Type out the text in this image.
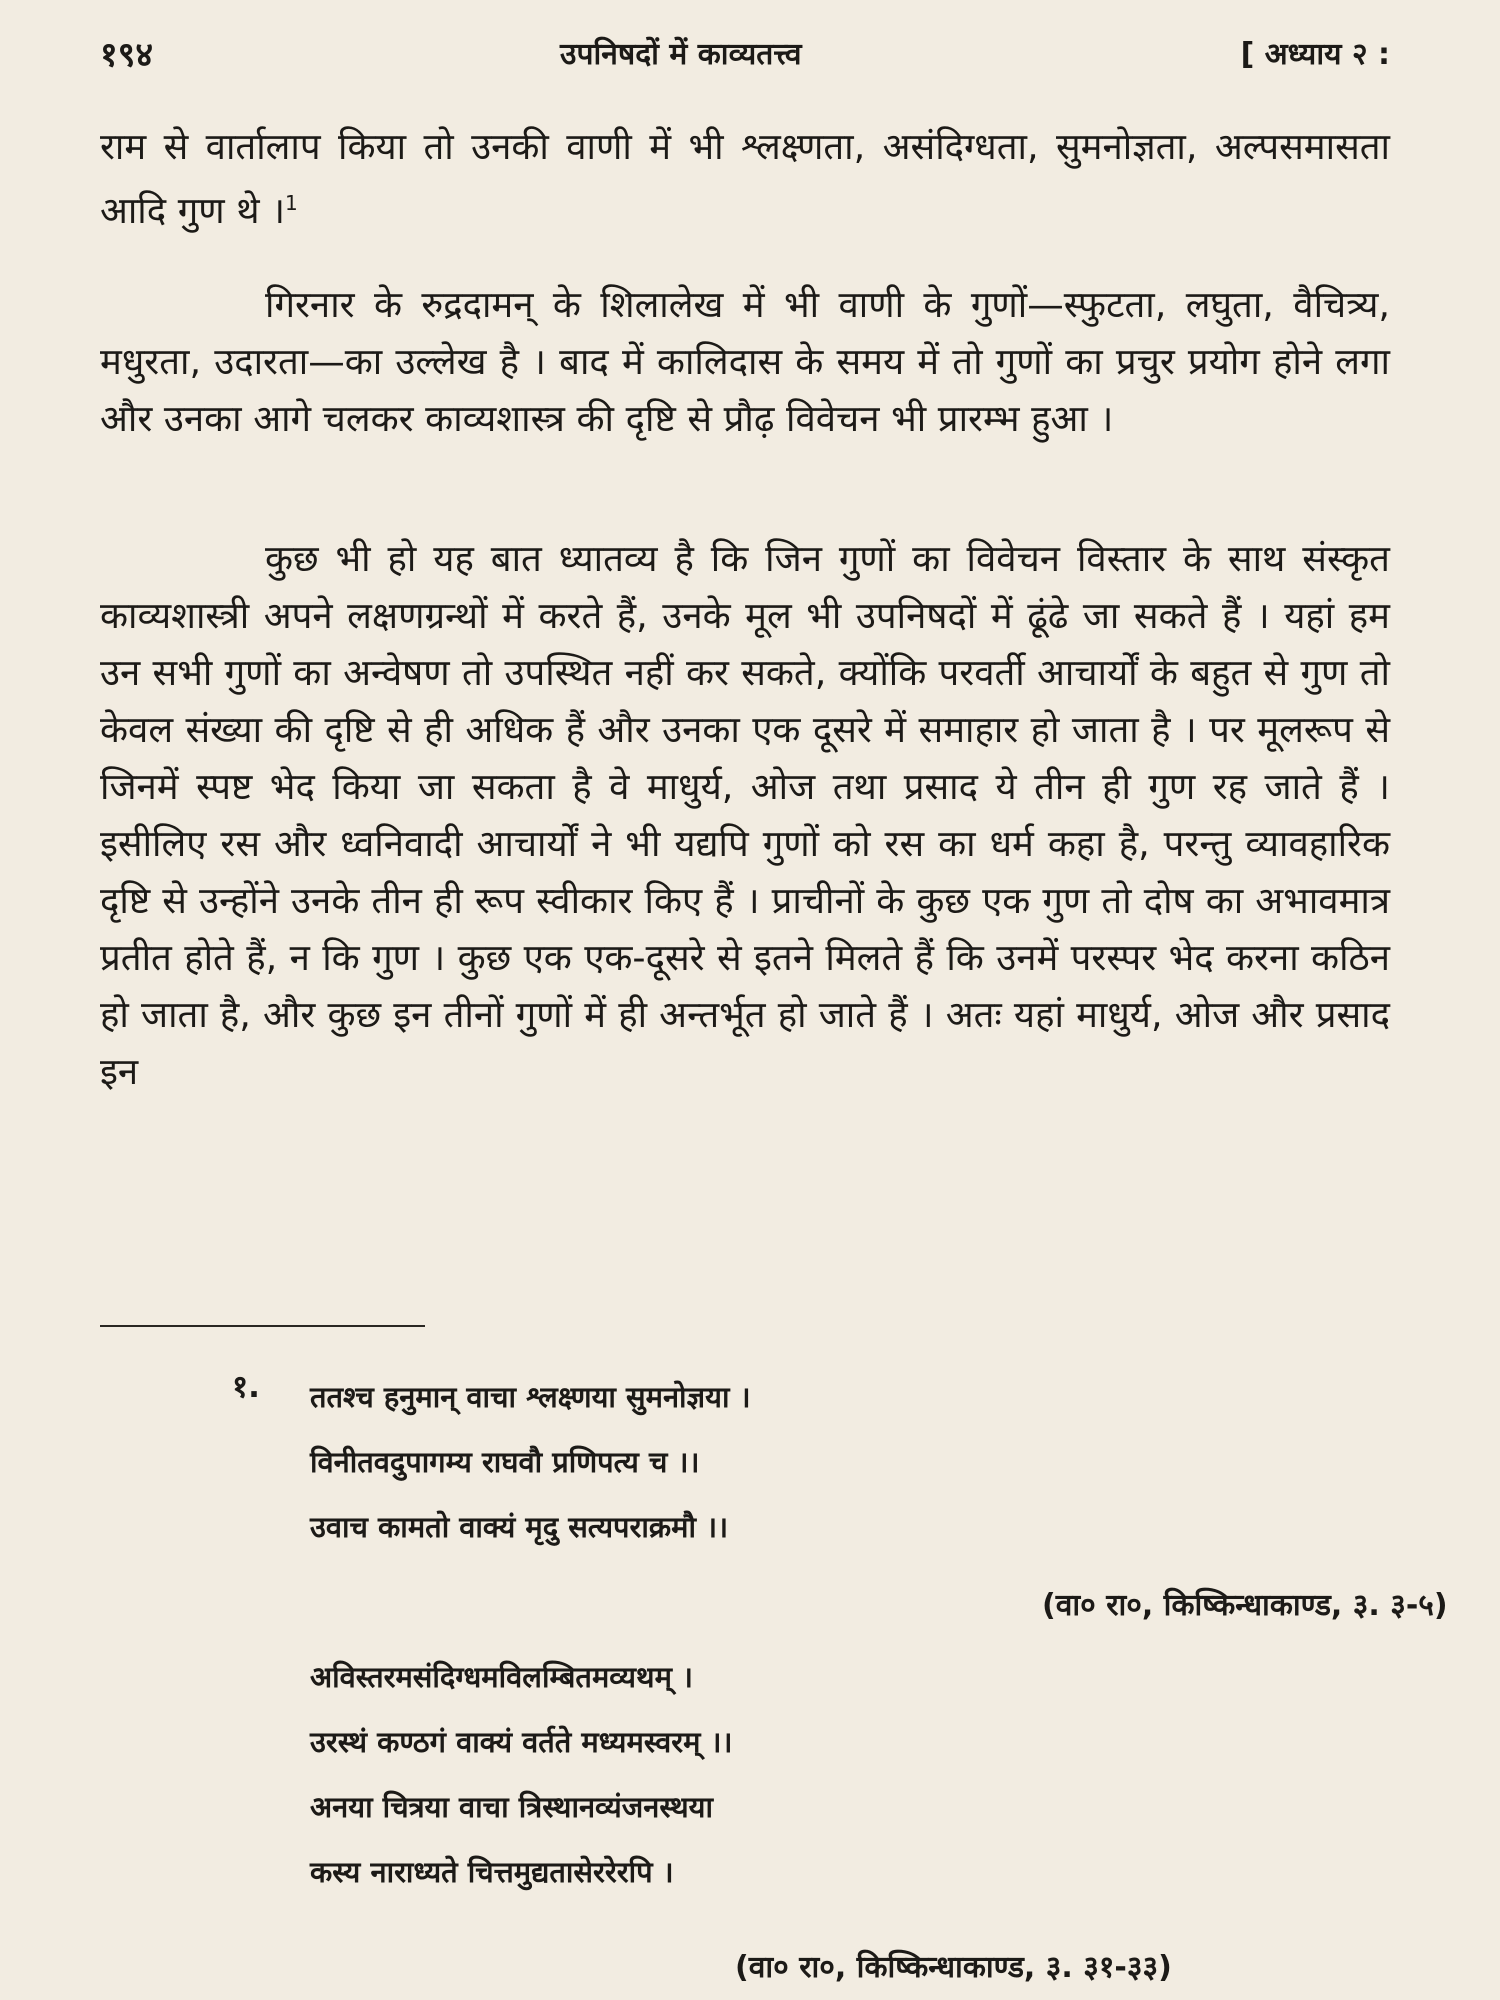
१९४	उपनिषदों में काव्यतत्त्व	[ अध्याय २ :

राम से वार्तालाप किया तो उनकी वाणी में भी श्लक्ष्णता, असंदिग्धता, सुमनोज्ञता, अल्पसमासता आदि गुण थे ।$^1$

गिरनार के रुद्रदामन् के शिलालेख में भी वाणी के गुणों—स्फुटता, लघुता, वैचित्र्य, मधुरता, उदारता—का उल्लेख है । बाद में कालिदास के समय में तो गुणों का प्रचुर प्रयोग होने लगा और उनका आगे चलकर काव्यशास्त्र की दृष्टि से प्रौढ़ विवेचन भी प्रारम्भ हुआ ।

कुछ भी हो यह बात ध्यातव्य है कि जिन गुणों का विवेचन विस्तार के साथ संस्कृत काव्यशास्त्री अपने लक्षणग्रन्थों में करते हैं, उनके मूल भी उपनिषदों में ढूंढे जा सकते हैं । यहां हम उन सभी गुणों का अन्वेषण तो उपस्थित नहीं कर सकते, क्योंकि परवर्ती आचार्यों के बहुत से गुण तो केवल संख्या की दृष्टि से ही अधिक हैं और उनका एक दूसरे में समाहार हो जाता है । पर मूलरूप से जिनमें स्पष्ट भेद किया जा सकता है वे माधुर्य, ओज तथा प्रसाद ये तीन ही गुण रह जाते हैं । इसीलिए रस और ध्वनिवादी आचार्यों ने भी यद्यपि गुणों को रस का धर्म कहा है, परन्तु व्यावहारिक दृष्टि से उन्होंने उनके तीन ही रूप स्वीकार किए हैं । प्राचीनों के कुछ एक गुण तो दोष का अभावमात्र प्रतीत होते हैं, न कि गुण । कुछ एक एक-दूसरे से इतने मिलते हैं कि उनमें परस्पर भेद करना कठिन हो जाता है, और कुछ इन तीनों गुणों में ही अन्तर्भूत हो जाते हैं । अतः यहां माधुर्य, ओज और प्रसाद इन

१. ततश्च हनुमान् वाचा श्लक्ष्णया सुमनोज्ञया ।

विनीतवदुपागम्य राघवौ प्रणिपत्य च ।।

उवाच कामतो वाक्यं मृदु सत्यपराक्रमौ ।।

(वा० रा०, किष्किन्धाकाण्ड, ३. ३-५)

अविस्तरमसंदिग्धमविलम्बितमव्यथम् ।

उरस्थं कण्ठगं वाक्यं वर्तते मध्यमस्वरम् ।।

अनया चित्रया वाचा त्रिस्थानव्यंजनस्थया

कस्य नाराध्यते चित्तमुद्यतासेररेरपि ।

(वा० रा०, किष्किन्धाकाण्ड, ३. ३१-३३)
